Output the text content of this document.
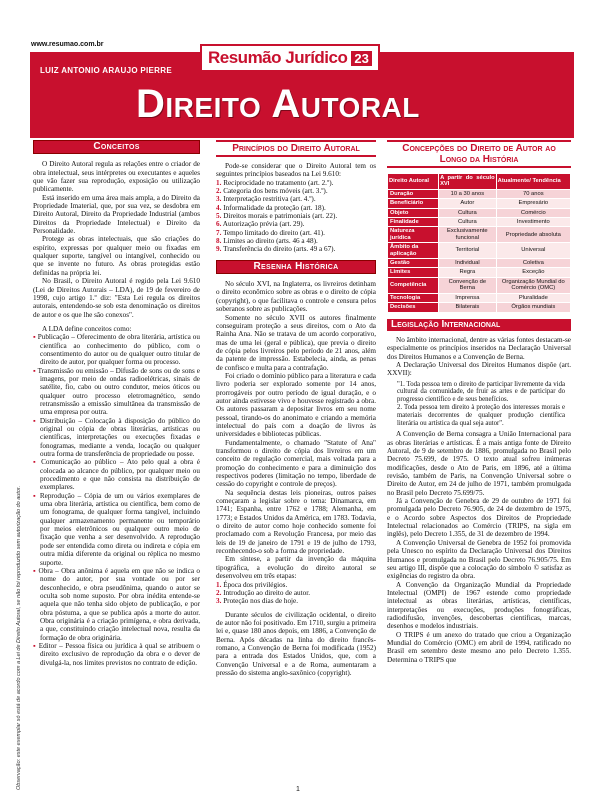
www.resumao.com.br
Resumão Jurídico 23
LUIZ ANTONIO ARAUJO PIERRE
Direito Autoral
Observação: este exemplar só está de acordo com a Lei de Direito Autoral, se não foi reproduzido sem autorização do autor.
Conceitos

O Direito Autoral regula as relações entre o criador de obra intelectual, seus intérpretes ou executantes e aqueles que vão fazer sua reprodução, exposição ou utilização publicamente.

Está inserido em uma área mais ampla, a do Direito da Propriedade Imaterial, que, por sua vez, se desdobra em Direito Autoral, Direito da Propriedade Industrial (ambos Direitos da Propriedade Intelectual) e Direito da Personalidade.

Protege as obras intelectuais, que são criações do espírito, expressas por qualquer meio ou fixadas em qualquer suporte, tangível ou intangível, conhecido ou que se invente no futuro. As obras protegidas estão definidas na própria lei.

No Brasil, o Direito Autoral é regido pela Lei 9.610 (Lei de Direitos Autorais – LDA), de 19 de fevereiro de 1998, cujo artigo 1.º diz: "Esta Lei regula os direitos autorais, entendendo-se sob esta denominação os direitos de autor e os que lhe são conexos".

A LDA define conceitos como:

▪ Publicação – Oferecimento de obra literária, artística ou científica ao conhecimento do público, com o consentimento do autor ou de qualquer outro titular de direito de autor, por qualquer forma ou processo.
▪ Transmissão ou emissão – Difusão de sons ou de sons e imagens, por meio de ondas radioelétricas, sinais de satélite, fio, cabo ou outro condutor, meios óticos ou qualquer outro processo eletromagnético, sendo retransmissão a emissão simultânea da transmissão de uma empresa por outra.
▪ Distribuição – Colocação à disposição do público do original ou cópia de obras literárias, artísticas ou científicas, interpretações ou execuções fixadas e fonogramas, mediante a venda, locação ou qualquer outra forma de transferência de propriedade ou posse.
▪ Comunicação ao público – Ato pelo qual a obra é colocada ao alcance do público, por qualquer meio ou procedimento e que não consista na distribuição de exemplares.
▪ Reprodução – Cópia de um ou vários exemplares de uma obra literária, artística ou científica, bem como de um fonograma, de qualquer forma tangível, incluindo qualquer armazenamento permanente ou temporário por meios eletrônicos ou qualquer outro meio de fixação que venha a ser desenvolvido. A reprodução pode ser entendida como direta ou indireta e cópia em outra mídia diferente da original ou réplica no mesmo suporte.
▪ Obra – Obra anônima é aquela em que não se indica o nome do autor, por sua vontade ou por ser desconhecido, e obra pseudônima, quando o autor se oculta sob nome suposto. Por obra inédita entende-se aquela que não tenha sido objeto de publicação, e por obra póstuma, a que se publica após a morte do autor. Obra originária é a criação primígena, e obra derivada, a que, constituindo criação intelectual nova, resulta da formação de obra originária.
▪ Editor – Pessoa física ou jurídica à qual se atribuem o direito exclusivo de reprodução da obra e o dever de divulgá-la, nos limites previstos no contrato de edição.
Princípios do Direito Autoral

Pode-se considerar que o Direito Autoral tem os seguintes princípios baseados na Lei 9.610:

1. Reciprocidade no tratamento (art. 2.º).
2. Categoria dos bens móveis (art. 3.º).
3. Interpretação restritiva (art. 4.º).
4. Informalidade da proteção (art. 18).
5. Direitos morais e patrimoniais (art. 22).
6. Autorização prévia (art. 29).
7. Tempo limitado do direito (art. 41).
8. Limites ao direito (arts. 46 a 48).
9. Transferência do direito (arts. 49 a 67).
Resenha Histórica

No século XVI, na Inglaterra, os livreiros detinham o direito econômico sobre as obras e o direito de cópia (copyright), o que facilitava o controle e censura pelos soberanos sobre as publicações.

Somente no século XVII os autores finalmente conseguiram proteção a seus direitos, com o Ato da Rainha Ana. Não se tratava de um acordo corporativo, mas de uma lei (geral e pública), que previa o direito de cópia pelos livreiros pelo período de 21 anos, além da patente de impressão. Estabelecia, ainda, as penas de confisco e multa para a contrafação.

Foi criado o domínio público para a literatura e cada livro poderia ser explorado somente por 14 anos, prorrogáveis por outro período de igual duração, e o autor ainda estivesse vivo e houvesse registrado a obra. Os autores passaram a depositar livros em seu nome pessoal, tirando-os do anonimato e criando a memória intelectual do país com a doação de livros às universidades e bibliotecas públicas.

Fundamentalmente, o chamado "Statute of Ana" transformou o direito de cópia dos livreiros em um conceito de regulação comercial, mais voltada para a promoção do conhecimento e para a diminuição dos respectivos poderes (limitação no tempo, liberdade de cessão do copyright e controle de preços).

Na sequência destas leis pioneiras, outros países começaram a legislar sobre o tema: Dinamarca, em 1741; Espanha, entre 1762 e 1788; Alemanha, em 1773; e Estados Unidos da América, em 1783. Todavia, o direito de autor como hoje conhecido somente foi proclamado com a Revolução Francesa, por meio das leis de 19 de janeiro de 1791 e 19 de julho de 1793, reconhecendo-o sob a forma de propriedade.

Em síntese, a partir da invenção da máquina tipográfica, a evolução do direito autoral se desenvolveu em três etapas:

1. Época dos privilégios.
2. Introdução ao direito de autor.
3. Proteção nos dias de hoje.

Durante séculos de civilização ocidental, o direito de autor não foi positivado. Em 1710, surgiu a primeira lei e, quase 180 anos depois, em 1886, a Convenção de Berna. Após décadas na linha do direito francês-romano, a Convenção de Berna foi modificada (1952) para a entrada dos Estados Unidos, que, com a Convenção Universal e a de Roma, aumentaram a pressão do sistema anglo-saxônico (copyright).

Concepções do Direito de Autor ao Longo da História
Direito Autoral	A partir do século XVI	Atualmente/ Tendência
Duração	10 a 30 anos	70 anos
Beneficiário	Autor	Empresário
Objeto	Cultura	Comércio
Finalidade	Cultura	Investimento
Natureza jurídica	Exclusivamente funcional	Propriedade absoluta
Âmbito da aplicação	Territorial	Universal
Gestão	Individual	Coletiva
Limites	Regra	Exceção
Competência	Convenção de Berna	Organização Mundial do Comércio (OMC)
Tecnologia	Imprensa	Pluralidade
Decisões	Bilaterais	Órgãos mundiais
Legislação Internacional

No âmbito internacional, dentre as várias fontes destacam-se especialmente os princípios inseridos na Declaração Universal dos Direitos Humanos e a Convenção de Berna.

A Declaração Universal dos Direitos Humanos dispõe (art. XXVII):

"1. Toda pessoa tem o direito de participar livremente da vida cultural da comunidade, de fruir as artes e de participar do progresso científico e de seus benefícios.
2. Toda pessoa tem direito à proteção dos interesses morais e materiais decorrentes de qualquer produção científica literária ou artística da qual seja autor".

A Convenção de Berna consagra a União Internacional para as obras literárias e artísticas. É a mais antiga fonte de Direito Autoral, de 9 de setembro de 1886, promulgada no Brasil pelo Decreto 75.699, de 1975. O texto atual sofreu inúmeras modificações, desde o Ato de Paris, em 1896, até a última revisão, também de Paris, na Convenção Universal sobre o Direito de Autor, em 24 de julho de 1971, também promulgada no Brasil pelo Decreto 75.699/75.

Já a Convenção de Genebra de 29 de outubro de 1971 foi promulgada pelo Decreto 76.905, de 24 de dezembro de 1975, e o Acordo sobre Aspectos dos Direitos de Propriedade Intelectual relacionados ao Comércio (TRIPS, na sigla em inglês), pelo Decreto 1.355, de 31 de dezembro de 1994.

A Convenção Universal de Genebra de 1952 foi promovida pela Unesco no espírito da Declaração Universal dos Direitos Humanos e promulgada no Brasil pelo Decreto 76.905/75. Em seu artigo III, dispõe que a colocação do símbolo © satisfaz as exigências do registro da obra.

A Convenção da Organização Mundial da Propriedade Intelectual (OMPI) de 1967 estende como propriedade intelectual as obras literárias, artísticas, científicas, interpretações ou execuções, produções fonográficas, radiodifusão, invenções, descobertas científicas, marcas, desenhos e modelos industriais.

O TRIPS é um anexo do tratado que criou a Organização Mundial do Comércio (OMC) em abril de 1994, ratificado no Brasil em setembro deste mesmo ano pelo Decreto 1.355. Determina o TRIPS que

1
